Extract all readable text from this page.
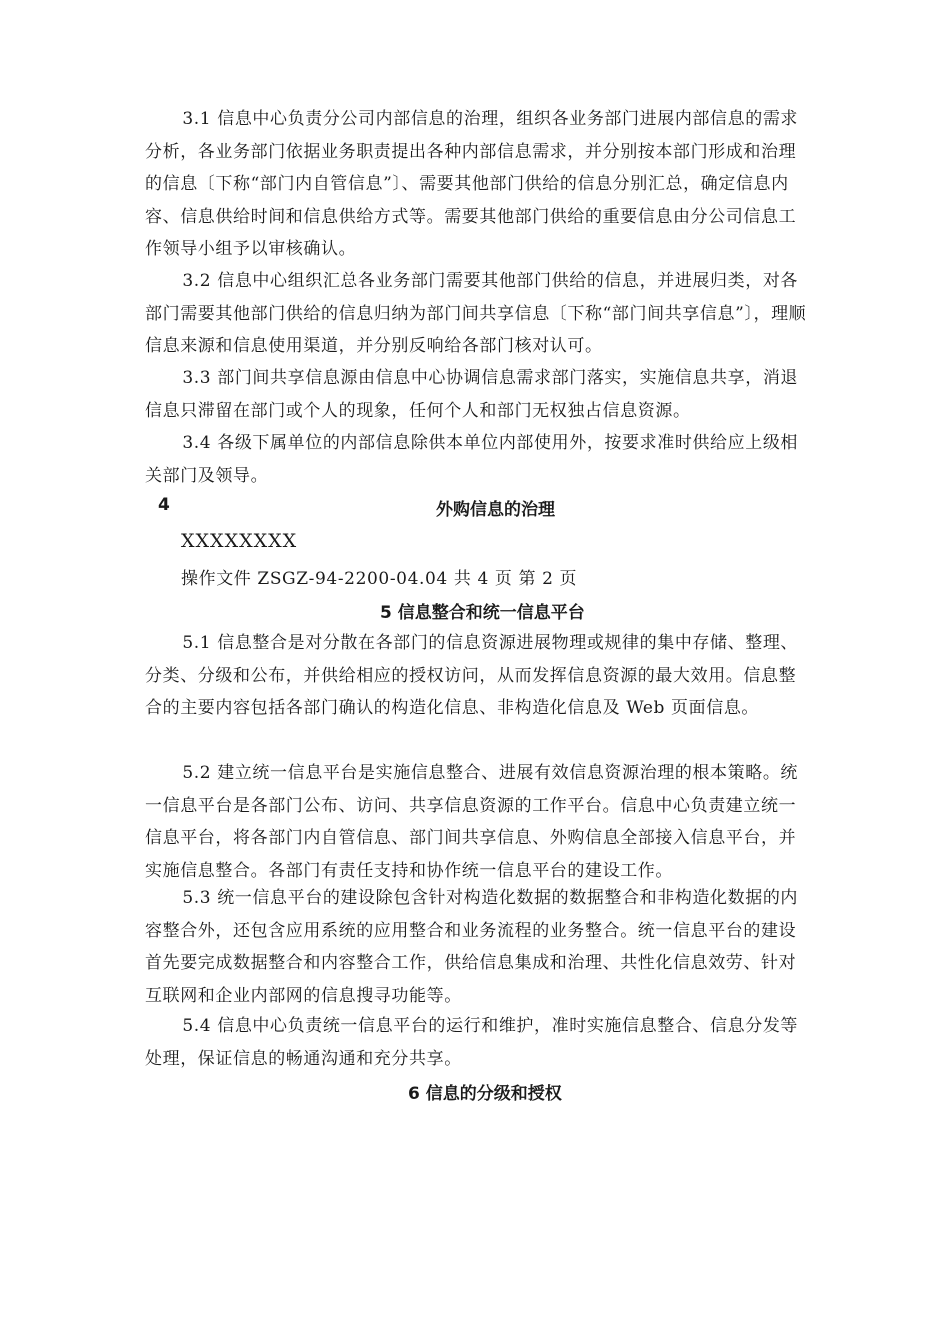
3.1 信息中心负责分公司内部信息的治理，组织各业务部门进展内部信息的需求分析，各业务部门依据业务职责提出各种内部信息需求，并分别按本部门形成和治理的信息〔下称“部门内自管信息”〕、需要其他部门供给的信息分别汇总，确定信息内容、信息供给时间和信息供给方式等。需要其他部门供给的重要信息由分公司信息工作领导小组予以审核确认。

3.2 信息中心组织汇总各业务部门需要其他部门供给的信息，并进展归类，对各部门需要其他部门供给的信息归纳为部门间共享信息〔下称“部门间共享信息”〕，理顺信息来源和信息使用渠道，并分别反响给各部门核对认可。

3.3 部门间共享信息源由信息中心协调信息需求部门落实，实施信息共享，消退信息只滞留在部门或个人的现象，任何个人和部门无权独占信息资源。

3.4 各级下属单位的内部信息除供本单位内部使用外，按要求准时供给应上级相关部门及领导。

4	外购信息的治理
XXXXXXXX
操作文件 ZSGZ-94-2200-04.04 共 4 页 第 2 页
5 信息整合和统一信息平台

5.1 信息整合是对分散在各部门的信息资源进展物理或规律的集中存储、整理、分类、分级和公布，并供给相应的授权访问，从而发挥信息资源的最大效用。信息整合的主要内容包括各部门确认的构造化信息、非构造化信息及 Web 页面信息。

5.2 建立统一信息平台是实施信息整合、进展有效信息资源治理的根本策略。统一信息平台是各部门公布、访问、共享信息资源的工作平台。信息中心负责建立统一信息平台，将各部门内自管信息、部门间共享信息、外购信息全部接入信息平台，并实施信息整合。各部门有责任支持和协作统一信息平台的建设工作。

5.3 统一信息平台的建设除包含针对构造化数据的数据整合和非构造化数据的内容整合外，还包含应用系统的应用整合和业务流程的业务整合。统一信息平台的建设首先要完成数据整合和内容整合工作，供给信息集成和治理、共性化信息效劳、针对互联网和企业内部网的信息搜寻功能等。

5.4 信息中心负责统一信息平台的运行和维护，准时实施信息整合、信息分发等处理，保证信息的畅通沟通和充分共享。

6 信息的分级和授权
